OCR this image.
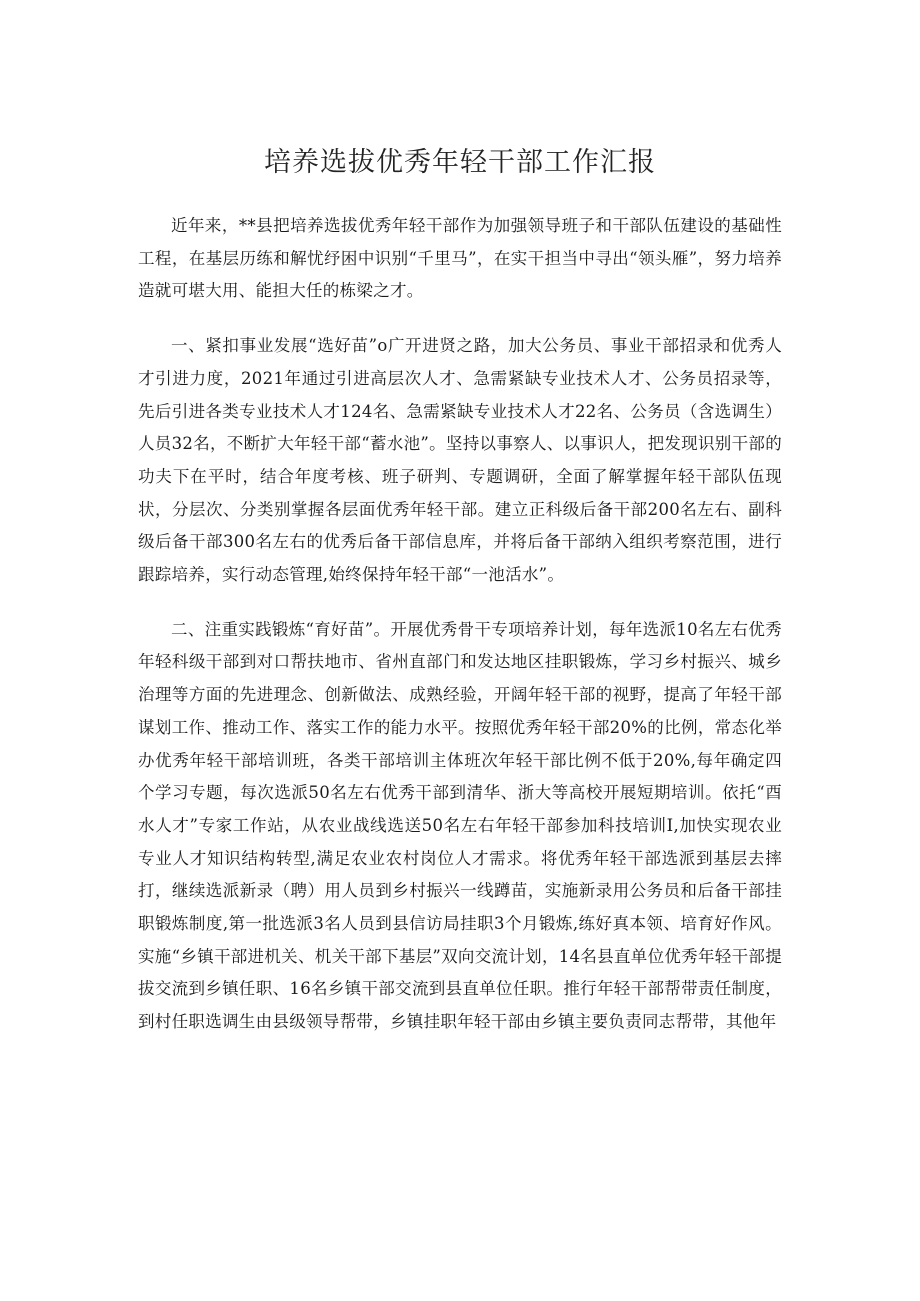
培养选拔优秀年轻干部工作汇报

近年来，**县把培养选拔优秀年轻干部作为加强领导班子和干部队伍建设的基础性工程，在基层历练和解忧纾困中识别“千里马”，在实干担当中寻出“领头雁”，努力培养造就可堪大用、能担大任的栋梁之才。

一、紧扣事业发展“选好苗”o广开进贤之路，加大公务员、事业干部招录和优秀人才引进力度，2021年通过引进高层次人才、急需紧缺专业技术人才、公务员招录等，先后引进各类专业技术人才124名、急需紧缺专业技术人才22名、公务员（含选调生）人员32名，不断扩大年轻干部“蓄水池”。坚持以事察人、以事识人，把发现识别干部的功夫下在平时，结合年度考核、班子研判、专题调研，全面了解掌握年轻干部队伍现状，分层次、分类别掌握各层面优秀年轻干部。建立正科级后备干部200名左右、副科级后备干部300名左右的优秀后备干部信息库，并将后备干部纳入组织考察范围，进行跟踪培养，实行动态管理,始终保持年轻干部“一池活水”。

二、注重实践锻炼“育好苗”。开展优秀骨干专项培养计划，每年选派10名左右优秀年轻科级干部到对口帮扶地市、省州直部门和发达地区挂职锻炼，学习乡村振兴、城乡治理等方面的先进理念、创新做法、成熟经验，开阔年轻干部的视野，提高了年轻干部谋划工作、推动工作、落实工作的能力水平。按照优秀年轻干部20%的比例，常态化举办优秀年轻干部培训班，各类干部培训主体班次年轻干部比例不低于20%,每年确定四个学习专题，每次选派50名左右优秀干部到清华、浙大等高校开展短期培训。依托“酉水人才”专家工作站，从农业战线选送50名左右年轻干部参加科技培训I,加快实现农业专业人才知识结构转型,满足农业农村岗位人才需求。将优秀年轻干部选派到基层去摔打，继续选派新录（聘）用人员到乡村振兴一线蹲苗，实施新录用公务员和后备干部挂职锻炼制度,第一批选派3名人员到县信访局挂职3个月锻炼,练好真本领、培育好作风。实施“乡镇干部进机关、机关干部下基层”双向交流计划，14名县直单位优秀年轻干部提拔交流到乡镇任职、16名乡镇干部交流到县直单位任职。推行年轻干部帮带责任制度，到村任职选调生由县级领导帮带，乡镇挂职年轻干部由乡镇主要负责同志帮带，其他年
